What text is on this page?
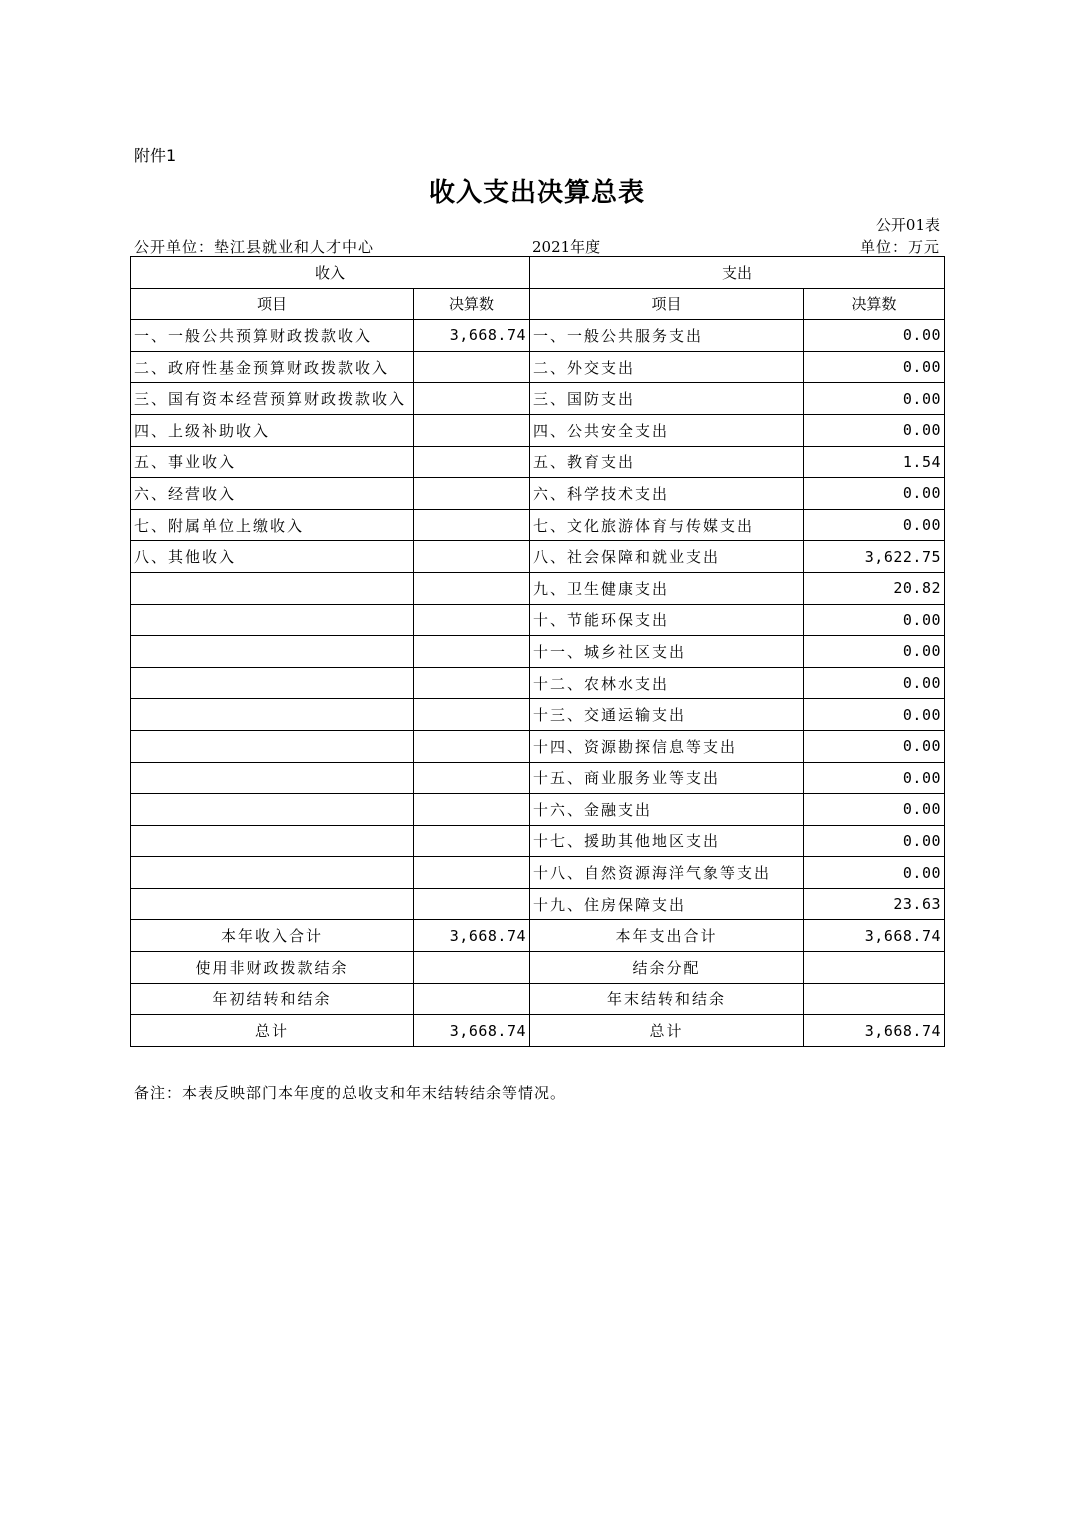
附件1
收入支出决算总表
公开01表
公开单位：垫江县就业和人才中心	2021年度	单位：万元
收入		支出	
项目	决算数	项目	决算数
一、一般公共预算财政拨款收入	3,668.74	一、一般公共服务支出	0.00
二、政府性基金预算财政拨款收入		二、外交支出	0.00
三、国有资本经营预算财政拨款收入		三、国防支出	0.00
四、上级补助收入		四、公共安全支出	0.00
五、事业收入		五、教育支出	1.54
六、经营收入		六、科学技术支出	0.00
七、附属单位上缴收入		七、文化旅游体育与传媒支出	0.00
八、其他收入		八、社会保障和就业支出	3,622.75
		九、卫生健康支出	20.82
		十、节能环保支出	0.00
		十一、城乡社区支出	0.00
		十二、农林水支出	0.00
		十三、交通运输支出	0.00
		十四、资源勘探信息等支出	0.00
		十五、商业服务业等支出	0.00
		十六、金融支出	0.00
		十七、援助其他地区支出	0.00
		十八、自然资源海洋气象等支出	0.00
		十九、住房保障支出	23.63
本年收入合计	3,668.74	本年支出合计	3,668.74
使用非财政拨款结余		结余分配	
年初结转和结余		年末结转和结余	
总计	3,668.74	总计	3,668.74
备注：本表反映部门本年度的总收支和年末结转结余等情况。
